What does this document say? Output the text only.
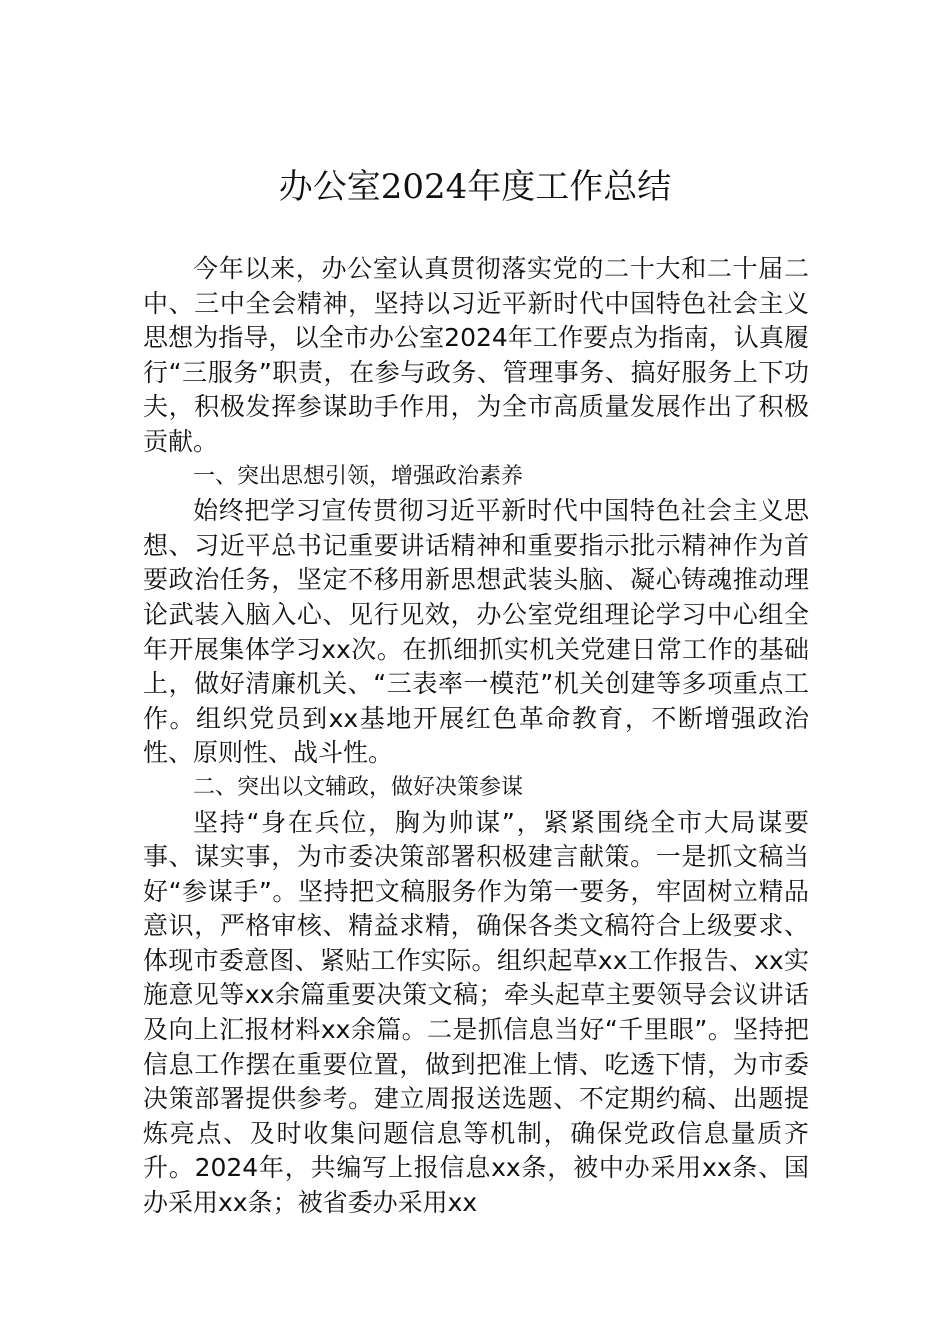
办公室2024年度工作总结

今年以来，办公室认真贯彻落实党的二十大和二十届二中、三中全会精神，坚持以习近平新时代中国特色社会主义思想为指导，以全市办公室2024年工作要点为指南，认真履行“三服务”职责，在参与政务、管理事务、搞好服务上下功夫，积极发挥参谋助手作用，为全市高质量发展作出了积极贡献。

一、突出思想引领，增强政治素养

始终把学习宣传贯彻习近平新时代中国特色社会主义思想、习近平总书记重要讲话精神和重要指示批示精神作为首要政治任务，坚定不移用新思想武装头脑、凝心铸魂推动理论武装入脑入心、见行见效，办公室党组理论学习中心组全年开展集体学习xx次。在抓细抓实机关党建日常工作的基础上，做好清廉机关、“三表率一模范”机关创建等多项重点工作。组织党员到xx基地开展红色革命教育，不断增强政治性、原则性、战斗性。

二、突出以文辅政，做好决策参谋

坚持“身在兵位，胸为帅谋”，紧紧围绕全市大局谋要事、谋实事，为市委决策部署积极建言献策。一是抓文稿当好“参谋手”。坚持把文稿服务作为第一要务，牢固树立精品意识，严格审核、精益求精，确保各类文稿符合上级要求、体现市委意图、紧贴工作实际。组织起草xx工作报告、xx实施意见等xx余篇重要决策文稿；牵头起草主要领导会议讲话及向上汇报材料xx余篇。二是抓信息当好“千里眼”。坚持把信息工作摆在重要位置，做到把准上情、吃透下情，为市委决策部署提供参考。建立周报送选题、不定期约稿、出题提炼亮点、及时收集问题信息等机制，确保党政信息量质齐升。2024年，共编写上报信息xx条，被中办采用xx条、国办采用xx条；被省委办采用xx
